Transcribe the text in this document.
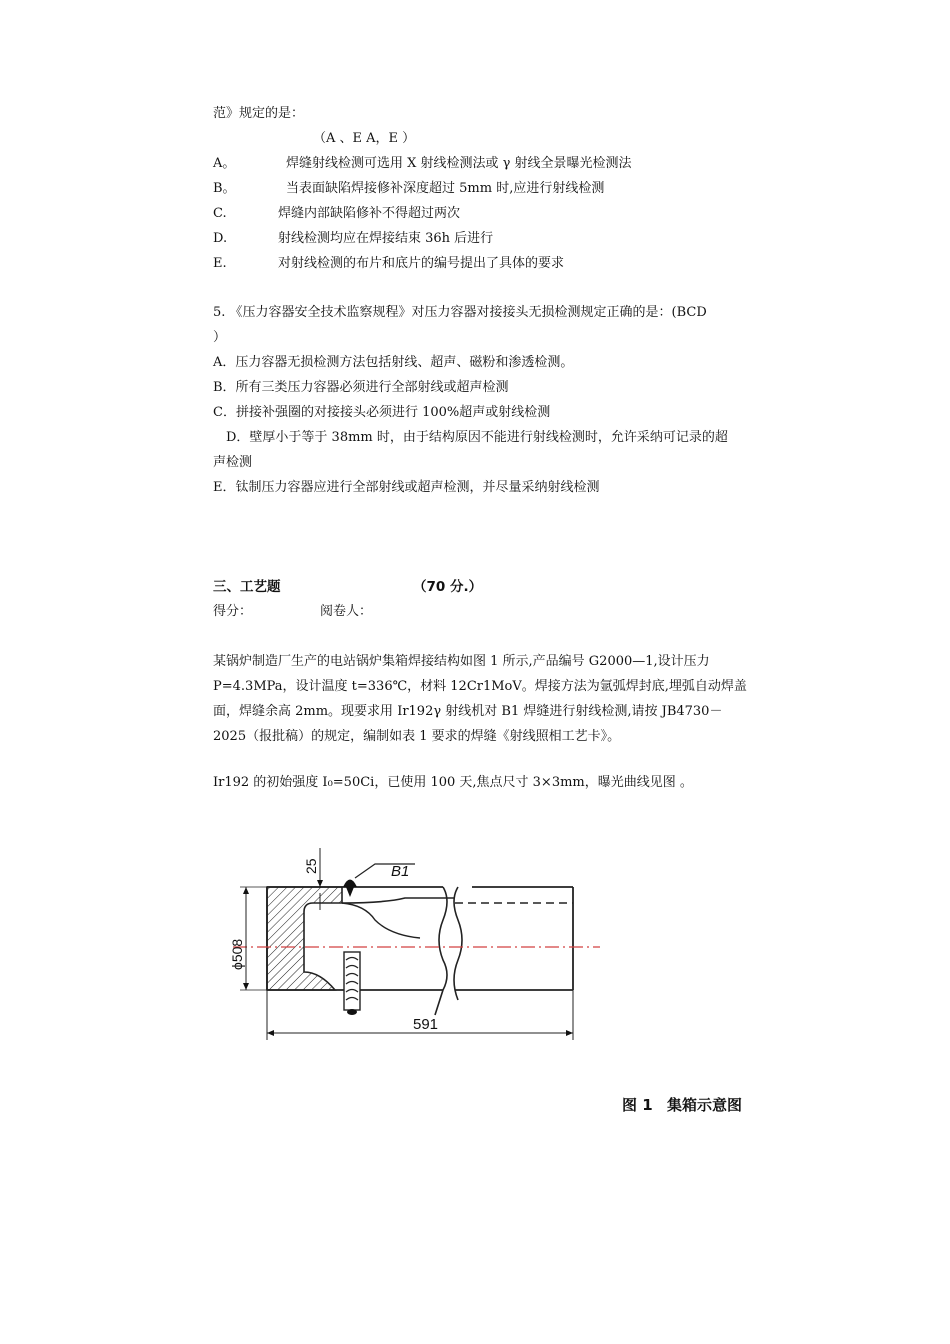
范》规定的是：
（A 、E A，E ）
A。	焊缝射线检测可选用 X 射线检测法或 γ 射线全景曝光检测法
B。	当表面缺陷焊接修补深度超过 5mm 时,应进行射线检测
C.	焊缝内部缺陷修补不得超过两次
D.	射线检测均应在焊接结束 36h 后进行
E.	对射线检测的布片和底片的编号提出了具体的要求
5. 《压力容器安全技术监察规程》对压力容器对接接头无损检测规定正确的是：(BCD
）
A．压力容器无损检测方法包括射线、超声、磁粉和渗透检测。
B．所有三类压力容器必须进行全部射线或超声检测
C．拼接补强圈的对接接头必须进行 100%超声或射线检测
D．壁厚小于等于 38mm 时，由于结构原因不能进行射线检测时，允许采纳可记录的超
声检测
E．钛制压力容器应进行全部射线或超声检测，并尽量采纳射线检测
三、工艺题	（70 分.）
得分：	阅卷人：
某锅炉制造厂生产的电站锅炉集箱焊接结构如图 1 所示,产品编号 G2000—1,设计压力
P=4.3MPa，设计温度 t=336℃，材料 12Cr1MoV。焊接方法为氩弧焊封底,埋弧自动焊盖
面，焊缝余高 2mm。现要求用 Ir192γ 射线机对 B1 焊缝进行射线检测,请按 JB4730－
2025（报批稿）的规定，编制如表 1 要求的焊缝《射线照相工艺卡》。
Ir192 的初始强度 I₀=50Ci，已使用 100 天,焦点尺寸 3×3mm，曝光曲线见图 。
B1
25
ϕ508
591
图 1 集箱示意图
